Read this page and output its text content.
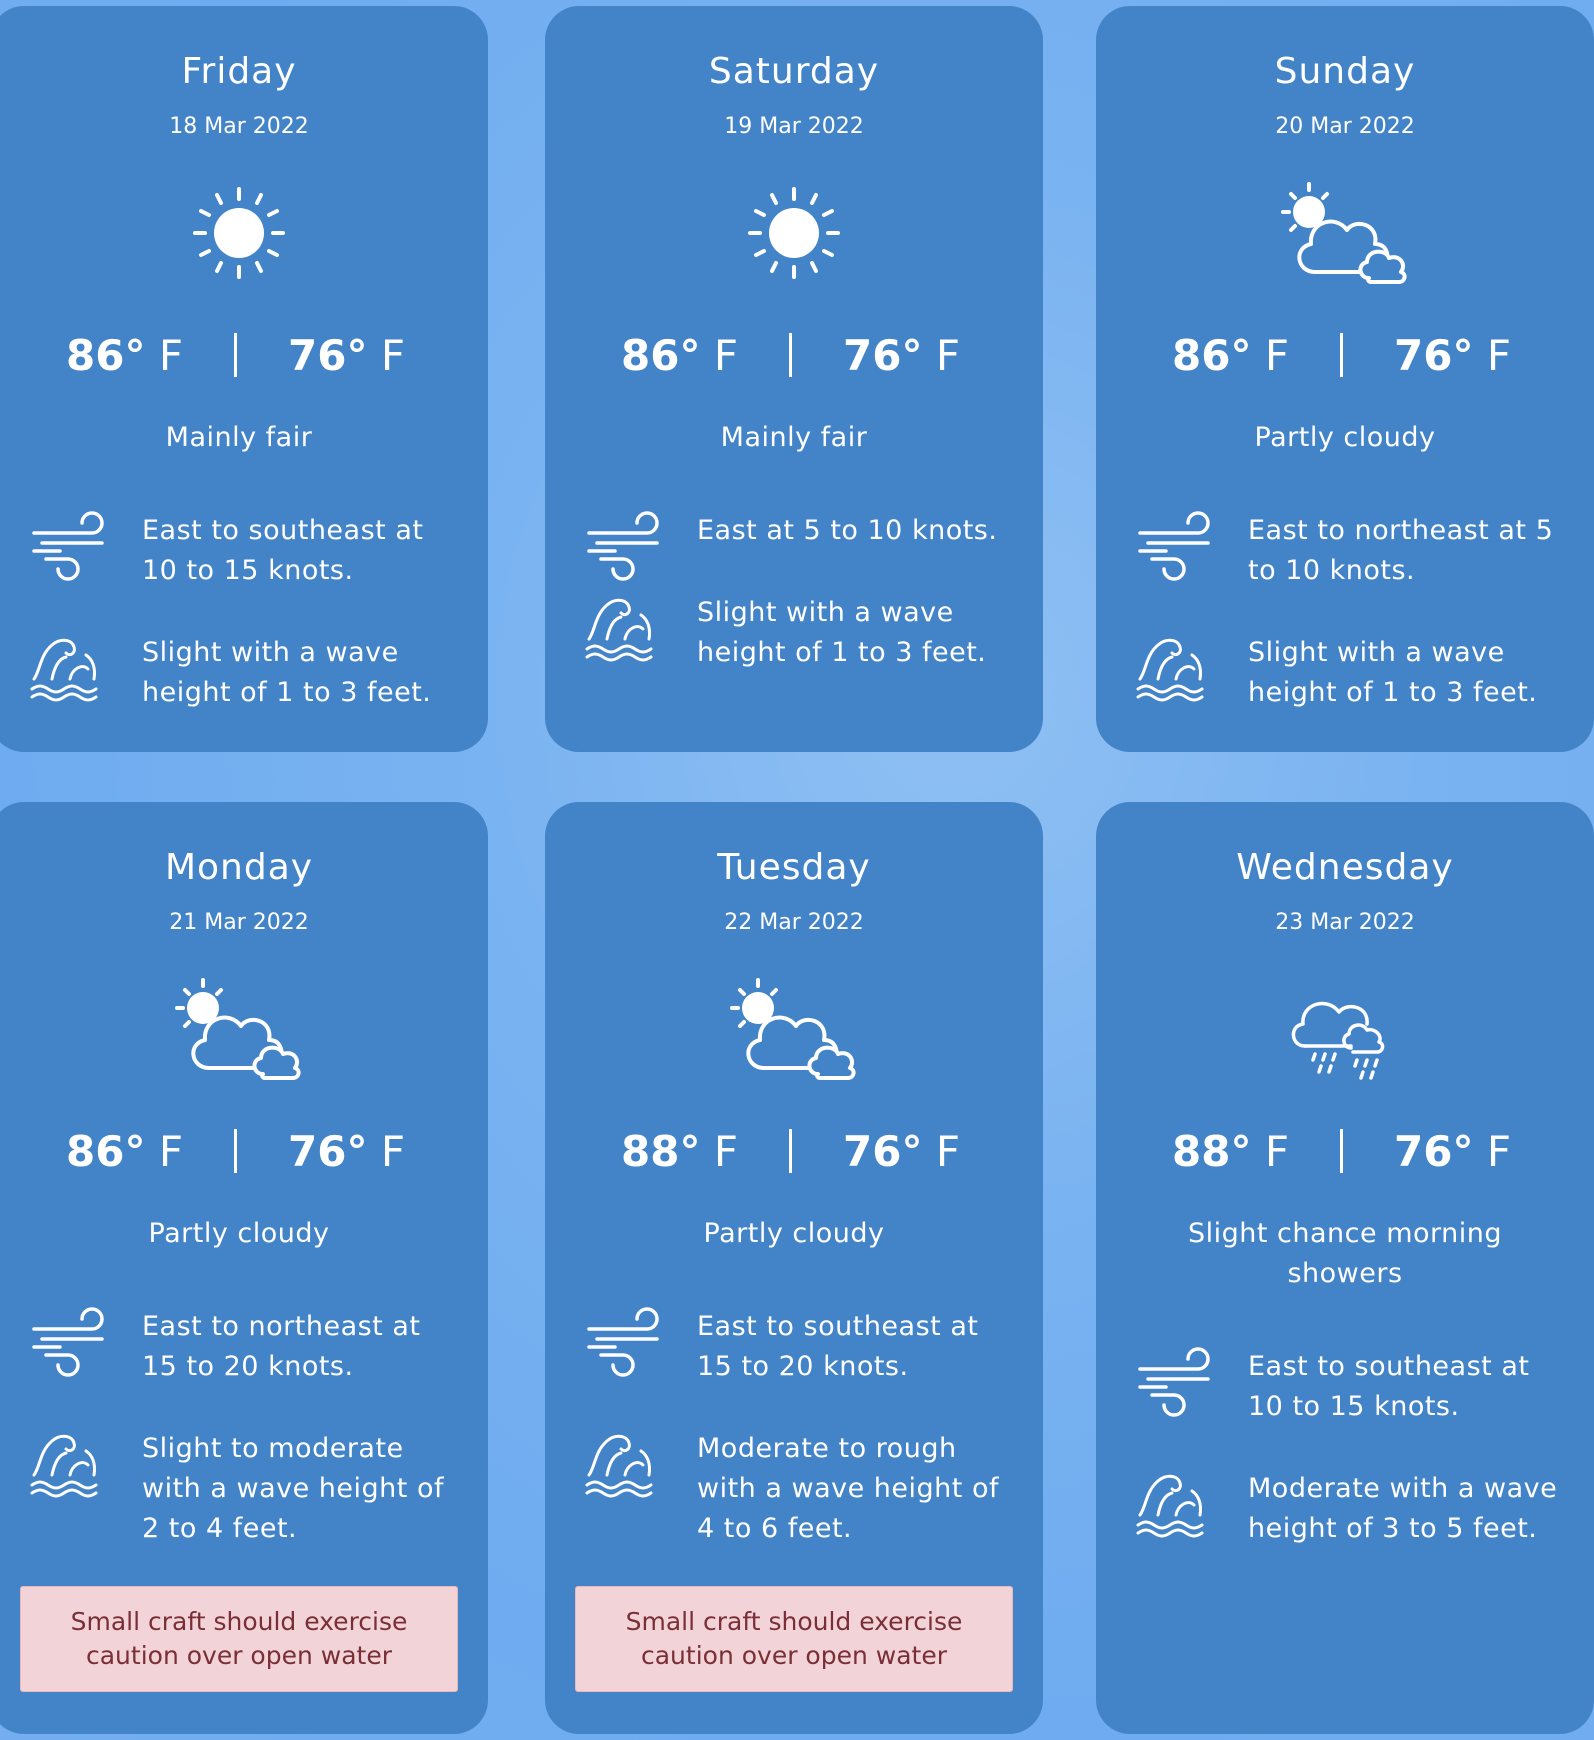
Friday
18 Mar 2022
86° F	76° F
Mainly fair
East to southeast at 10 to 15 knots.
Slight with a wave height of 1 to 3 feet.
Saturday
19 Mar 2022
86° F	76° F
Mainly fair
East at 5 to 10 knots.
Slight with a wave height of 1 to 3 feet.
Sunday
20 Mar 2022
86° F	76° F
Partly cloudy
East to northeast at 5 to 10 knots.
Slight with a wave height of 1 to 3 feet.
Monday
21 Mar 2022
86° F	76° F
Partly cloudy
East to northeast at 15 to 20 knots.
Slight to moderate with a wave height of 2 to 4 feet.
Small craft should exercise caution over open water
Tuesday
22 Mar 2022
88° F	76° F
Partly cloudy
East to southeast at 15 to 20 knots.
Moderate to rough with a wave height of 4 to 6 feet.
Small craft should exercise caution over open water
Wednesday
23 Mar 2022
88° F	76° F
Slight chance morning showers
East to southeast at 10 to 15 knots.
Moderate with a wave height of 3 to 5 feet.
